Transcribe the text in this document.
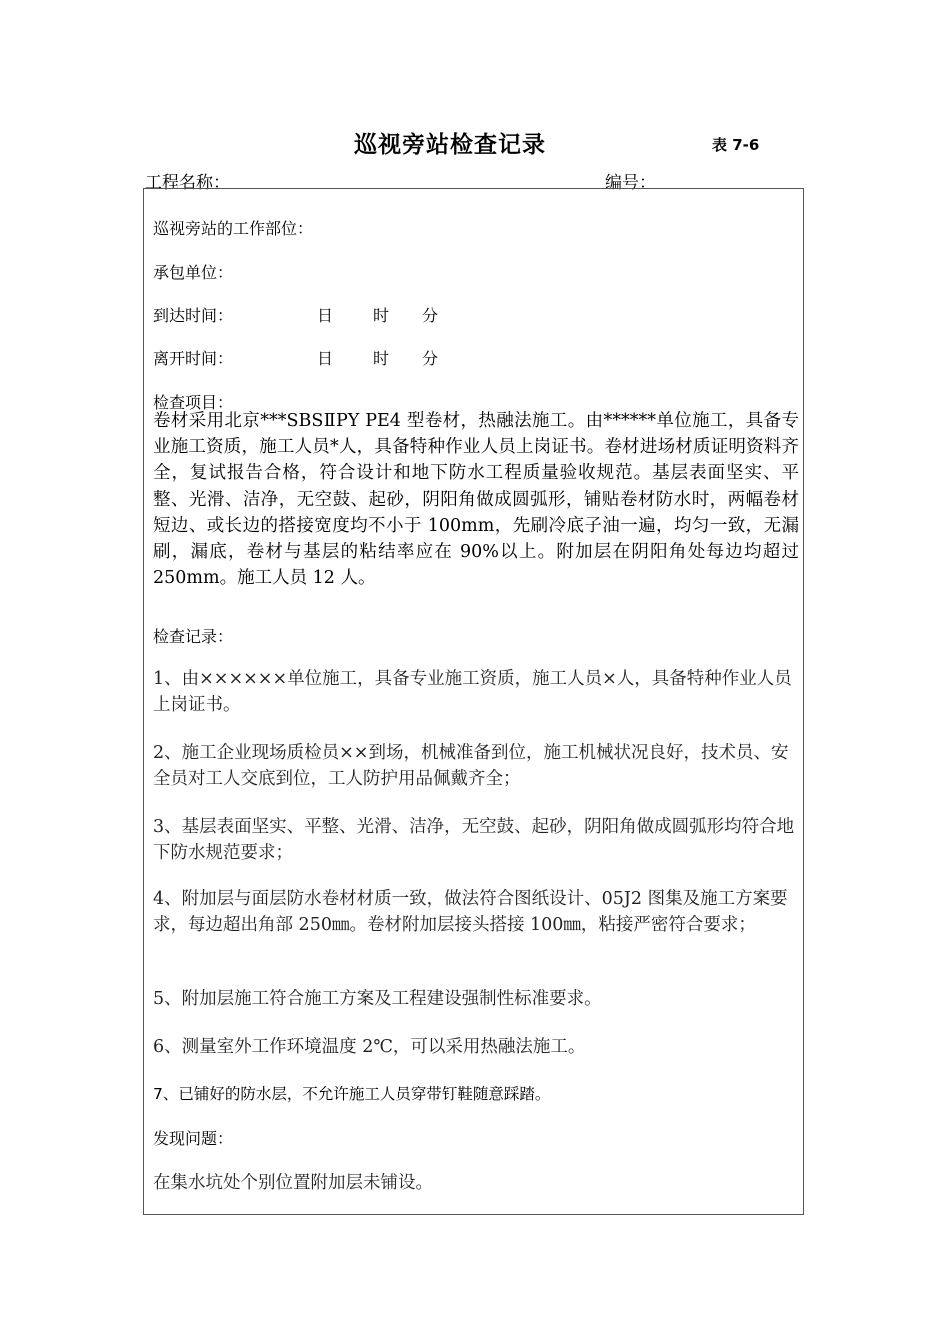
巡视旁站检查记录	表 7-6
工程名称：	编号：
巡视旁站的工作部位：
承包单位：
到达时间：	日 时 分
离开时间：	日 时 分
检查项目：
卷材采用北京***SBSⅡPY PE4 型卷材，热融法施工。由******单位施工，具备专业施工资质，施工人员*人，具备特种作业人员上岗证书。卷材进场材质证明资料齐全，复试报告合格，符合设计和地下防水工程质量验收规范。基层表面坚实、平整、光滑、洁净，无空鼓、起砂，阴阳角做成圆弧形，铺贴卷材防水时，两幅卷材短边、或长边的搭接宽度均不小于 100mm，先刷冷底子油一遍，均匀一致，无漏刷，漏底，卷材与基层的粘结率应在 90%以上。附加层在阴阳角处每边均超过 250mm。施工人员 12 人。
检查记录：
1、由××××××单位施工，具备专业施工资质，施工人员×人，具备特种作业人员上岗证书。
2、施工企业现场质检员××到场，机械准备到位，施工机械状况良好，技术员、安全员对工人交底到位，工人防护用品佩戴齐全；
3、基层表面坚实、平整、光滑、洁净，无空鼓、起砂，阴阳角做成圆弧形均符合地下防水规范要求；
4、附加层与面层防水卷材材质一致，做法符合图纸设计、05J2 图集及施工方案要求，每边超出角部 250㎜。卷材附加层接头搭接 100㎜，粘接严密符合要求；
5、附加层施工符合施工方案及工程建设强制性标准要求。
6、测量室外工作环境温度 2℃，可以采用热融法施工。
7、已铺好的防水层，不允许施工人员穿带钉鞋随意踩踏。
发现问题：
在集水坑处个别位置附加层未铺设。
